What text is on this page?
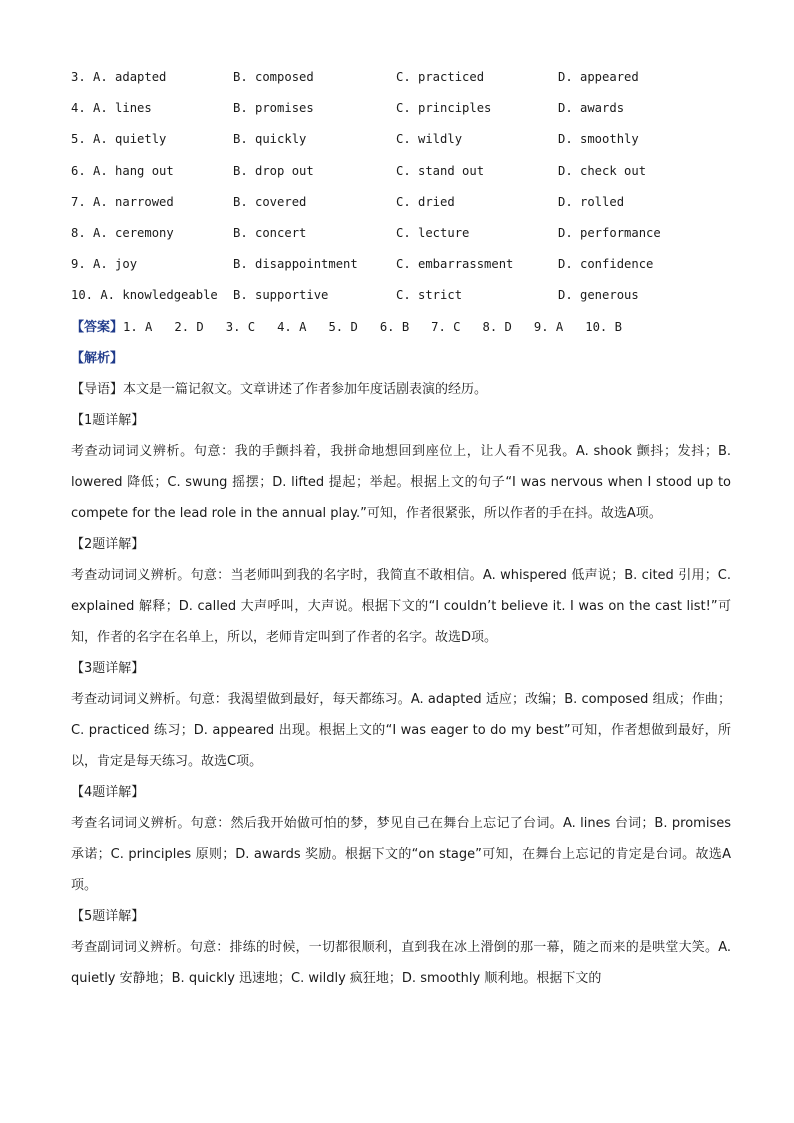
3. A. adapted	B. composed	C. practiced	D. appeared
4. A. lines	B. promises	C. principles	D. awards
5. A. quietly	B. quickly	C. wildly	D. smoothly
6. A. hang out	B. drop out	C. stand out	D. check out
7. A. narrowed	B. covered	C. dried	D. rolled
8. A. ceremony	B. concert	C. lecture	D. performance
9. A. joy	B. disappointment	C. embarrassment	D. confidence
10. A. knowledgeable B. supportive	C. strict	D. generous
【答案】1. A 2. D 3. C 4. A 5. D 6. B 7. C 8. D 9. A 10. B
【解析】
【导语】本文是一篇记叙文。文章讲述了作者参加年度话剧表演的经历。
【1题详解】
考查动词词义辨析。句意：我的手颤抖着，我拼命地想回到座位上，让人看不见我。A. shook 颤抖；发抖；B. lowered 降低；C. swung 摇摆；D. lifted 提起；举起。根据上文的句子“I was nervous when I stood up to compete for the lead role in the annual play.”可知，作者很紧张，所以作者的手在抖。故选A项。
【2题详解】
考查动词词义辨析。句意：当老师叫到我的名字时，我简直不敢相信。A. whispered 低声说；B. cited 引用；C. explained 解释；D. called 大声呼叫，大声说。根据下文的“I couldn’t believe it. I was on the cast list!”可知，作者的名字在名单上，所以，老师肯定叫到了作者的名字。故选D项。
【3题详解】
考查动词词义辨析。句意：我渴望做到最好，每天都练习。A. adapted 适应；改编；B. composed 组成；作曲；C. practiced 练习；D. appeared 出现。根据上文的“I was eager to do my best”可知，作者想做到最好，所以，肯定是每天练习。故选C项。
【4题详解】
考查名词词义辨析。句意：然后我开始做可怕的梦，梦见自己在舞台上忘记了台词。A. lines 台词；B. promises 承诺；C. principles 原则；D. awards 奖励。根据下文的“on stage”可知，在舞台上忘记的肯定是台词。故选A项。
【5题详解】
考查副词词义辨析。句意：排练的时候，一切都很顺利，直到我在冰上滑倒的那一幕，随之而来的是哄堂大笑。A. quietly 安静地；B. quickly 迅速地；C. wildly 疯狂地；D. smoothly 顺利地。根据下文的
